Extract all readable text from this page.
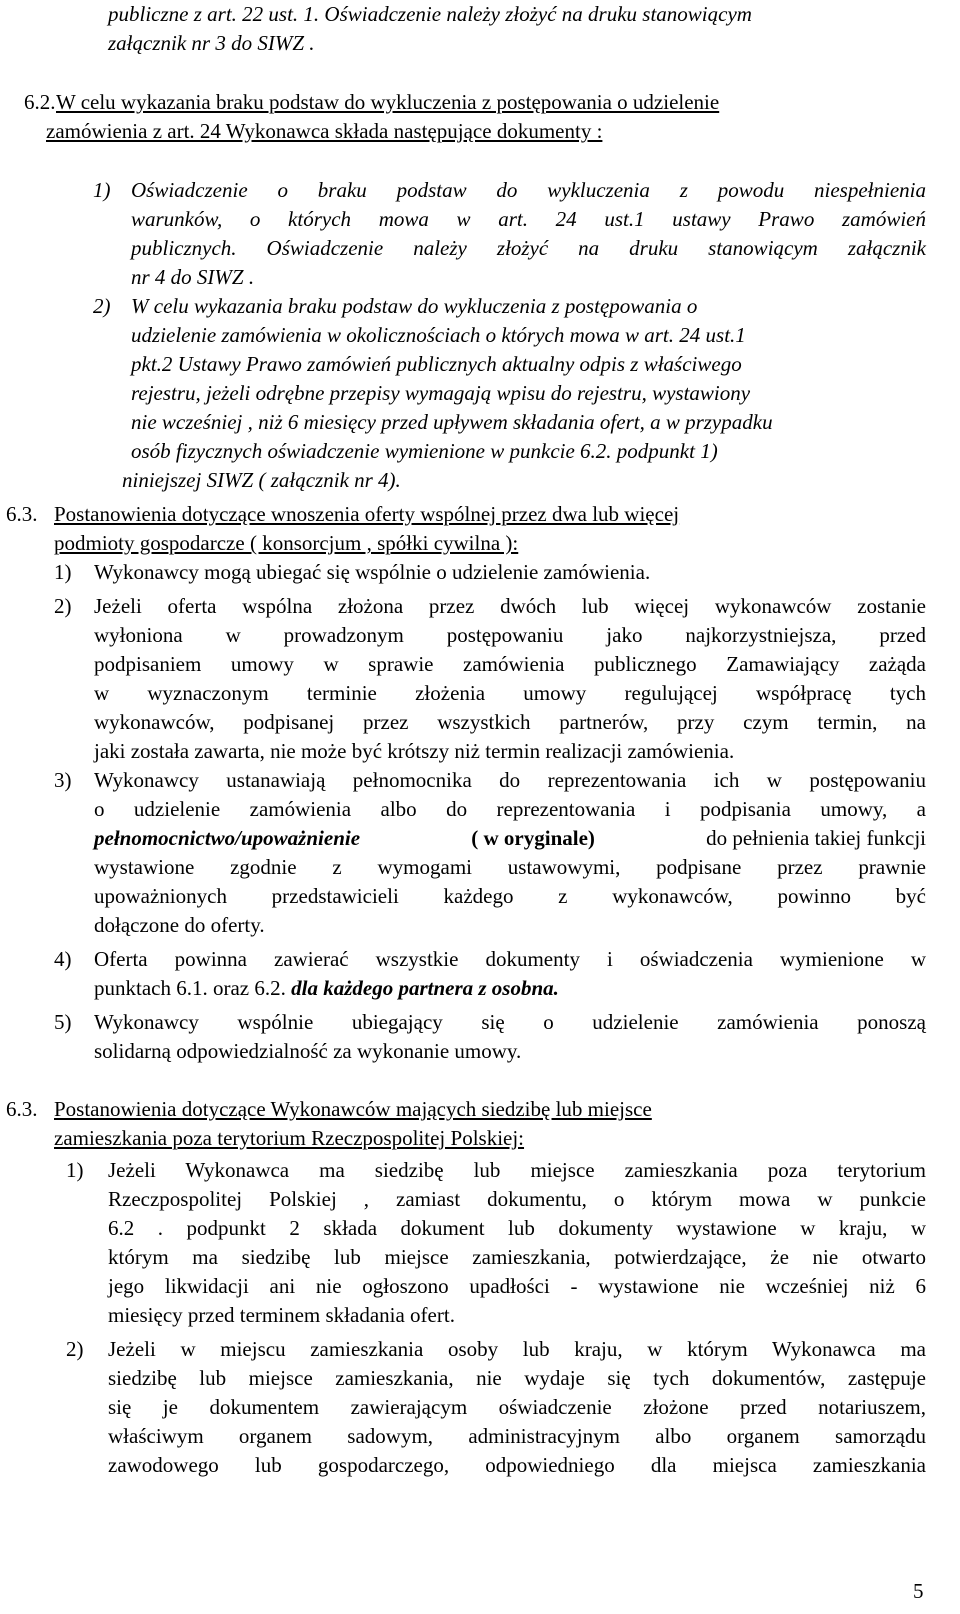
publiczne z art. 22 ust. 1. Oświadczenie należy złożyć na druku stanowiącym
załącznik nr 3 do SIWZ .
6.2. W celu wykazania braku podstaw do wykluczenia z postępowania o udzielenie
zamówienia z art. 24 Wykonawca składa następujące dokumenty :
1) Oświadczenie o braku podstaw do wykluczenia z powodu niespełnienia
warunków, o których mowa w art. 24 ust.1 ustawy Prawo zamówień
publicznych. Oświadczenie należy złożyć na druku stanowiącym załącznik
nr 4 do SIWZ .
2) W celu wykazania braku podstaw do wykluczenia z postępowania o
udzielenie zamówienia w okolicznościach o których mowa w art. 24 ust.1
pkt.2 Ustawy Prawo zamówień publicznych aktualny odpis z właściwego
rejestru, jeżeli odrębne przepisy wymagają wpisu do rejestru, wystawiony
nie wcześniej , niż 6 miesięcy przed upływem składania ofert, a w przypadku
osób fizycznych oświadczenie wymienione w punkcie 6.2. podpunkt 1)
niniejszej SIWZ ( załącznik nr 4).
6.3. Postanowienia dotyczące wnoszenia oferty wspólnej przez dwa lub więcej
podmioty gospodarcze ( konsorcjum , spółki cywilna ):
1) Wykonawcy mogą ubiegać się wspólnie o udzielenie zamówienia.
2) Jeżeli oferta wspólna złożona przez dwóch lub więcej wykonawców zostanie
wyłoniona w prowadzonym postępowaniu jako najkorzystniejsza, przed
podpisaniem umowy w sprawie zamówienia publicznego Zamawiający zażąda
w wyznaczonym terminie złożenia umowy regulującej współpracę tych
wykonawców, podpisanej przez wszystkich partnerów, przy czym termin, na
jaki została zawarta, nie może być krótszy niż termin realizacji zamówienia.
3) Wykonawcy ustanawiają pełnomocnika do reprezentowania ich w postępowaniu
o udzielenie zamówienia albo do reprezentowania i podpisania umowy, a
pełnomocnictwo/upoważnienie	( w oryginale)	do pełnienia takiej funkcji
wystawione zgodnie z wymogami ustawowymi, podpisane przez prawnie
upoważnionych przedstawicieli każdego z wykonawców, powinno być
dołączone do oferty.
4) Oferta powinna zawierać wszystkie dokumenty i oświadczenia wymienione w
punktach 6.1. oraz 6.2. dla każdego partnera z osobna.
5) Wykonawcy wspólnie ubiegający się o udzielenie zamówienia ponoszą
solidarną odpowiedzialność za wykonanie umowy.
6.3. Postanowienia dotyczące Wykonawców mających siedzibę lub miejsce
zamieszkania poza terytorium Rzeczpospolitej Polskiej:
1) Jeżeli Wykonawca ma siedzibę lub miejsce zamieszkania poza terytorium
Rzeczpospolitej Polskiej , zamiast dokumentu, o którym mowa w punkcie
6.2 . podpunkt 2 składa dokument lub dokumenty wystawione w kraju, w
którym ma siedzibę lub miejsce zamieszkania, potwierdzające, że nie otwarto
jego likwidacji ani nie ogłoszono upadłości - wystawione nie wcześniej niż 6
miesięcy przed terminem składania ofert.
2) Jeżeli w miejscu zamieszkania osoby lub kraju, w którym Wykonawca ma
siedzibę lub miejsce zamieszkania, nie wydaje się tych dokumentów, zastępuje
się je dokumentem zawierającym oświadczenie złożone przed notariuszem,
właściwym organem sadowym, administracyjnym albo organem samorządu
zawodowego lub gospodarczego, odpowiedniego dla miejsca zamieszkania
5
